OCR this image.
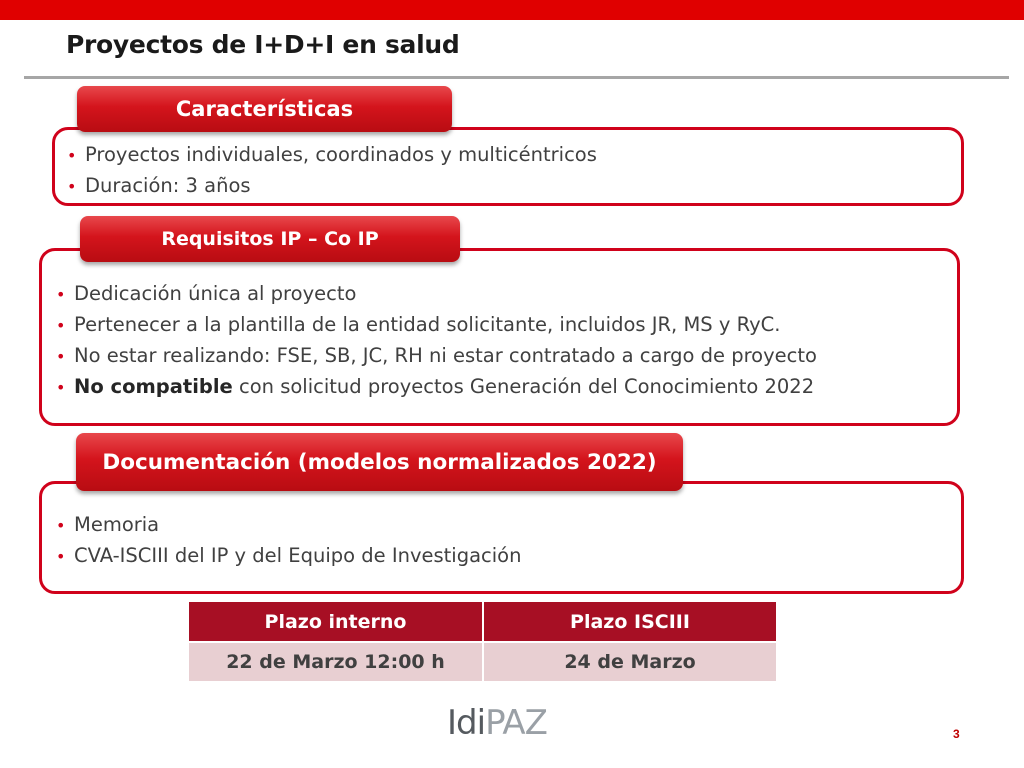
Proyectos de I+D+I en salud
• Proyectos individuales, coordinados y multicéntricos
• Duración: 3 años
Características
• Dedicación única al proyecto
• Pertenecer a la plantilla de la entidad solicitante, incluidos JR, MS y RyC.
• No estar realizando: FSE, SB, JC, RH ni estar contratado a cargo de proyecto
• No compatible con solicitud proyectos Generación del Conocimiento 2022
Requisitos IP – Co IP
• Memoria
• CVA-ISCIII del IP y del Equipo de Investigación
Documentación (modelos normalizados 2022)
Plazo interno	Plazo ISCIII
22 de Marzo 12:00 h	24 de Marzo
IdiPAZ	3
